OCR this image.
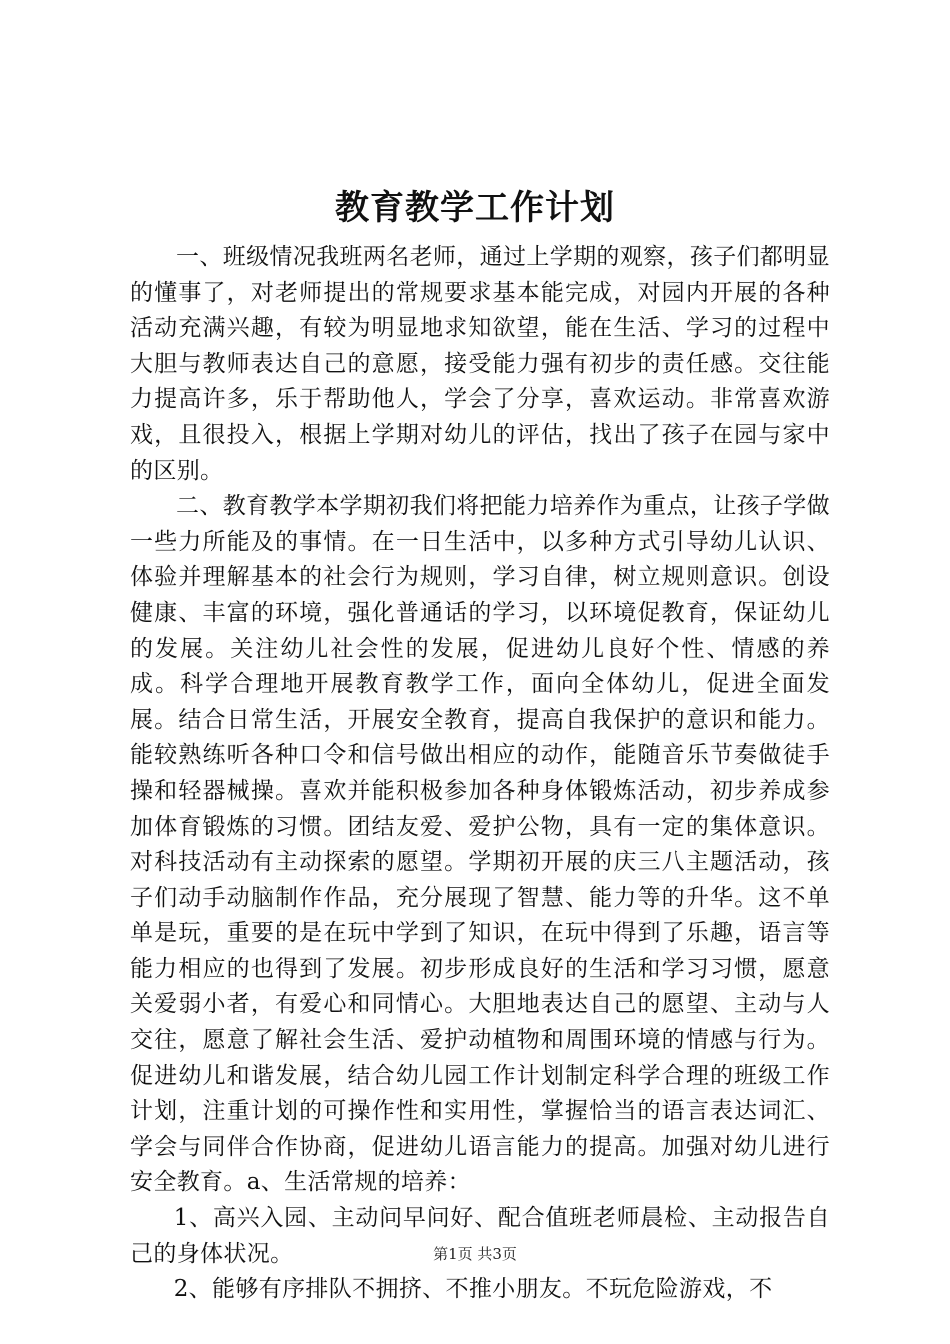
教育教学工作计划

一、班级情况我班两名老师，通过上学期的观察，孩子们都明显的懂事了，对老师提出的常规要求基本能完成，对园内开展的各种活动充满兴趣，有较为明显地求知欲望，能在生活、学习的过程中大胆与教师表达自己的意愿，接受能力强有初步的责任感。交往能力提高许多，乐于帮助他人，学会了分享，喜欢运动。非常喜欢游戏，且很投入，根据上学期对幼儿的评估，找出了孩子在园与家中的区别。

二、教育教学本学期初我们将把能力培养作为重点，让孩子学做一些力所能及的事情。在一日生活中，以多种方式引导幼儿认识、体验并理解基本的社会行为规则，学习自律，树立规则意识。创设健康、丰富的环境，强化普通话的学习，以环境促教育，保证幼儿的发展。关注幼儿社会性的发展，促进幼儿良好个性、情感的养成。科学合理地开展教育教学工作，面向全体幼儿，促进全面发展。结合日常生活，开展安全教育，提高自我保护的意识和能力。能较熟练听各种口令和信号做出相应的动作，能随音乐节奏做徒手操和轻器械操。喜欢并能积极参加各种身体锻炼活动，初步养成参加体育锻炼的习惯。团结友爱、爱护公物，具有一定的集体意识。对科技活动有主动探索的愿望。学期初开展的庆三八主题活动，孩子们动手动脑制作作品，充分展现了智慧、能力等的升华。这不单单是玩，重要的是在玩中学到了知识，在玩中得到了乐趣，语言等能力相应的也得到了发展。初步形成良好的生活和学习习惯，愿意关爱弱小者，有爱心和同情心。大胆地表达自己的愿望、主动与人交往，愿意了解社会生活、爱护动植物和周围环境的情感与行为。促进幼儿和谐发展，结合幼儿园工作计划制定科学合理的班级工作计划，注重计划的可操作性和实用性，掌握恰当的语言表达词汇、学会与同伴合作协商，促进幼儿语言能力的提高。加强对幼儿进行安全教育。a、生活常规的培养：

1、高兴入园、主动问早问好、配合值班老师晨检、主动报告自己的身体状况。

2、能够有序排队不拥挤、不推小朋友。不玩危险游戏，不

第1页 共3页
